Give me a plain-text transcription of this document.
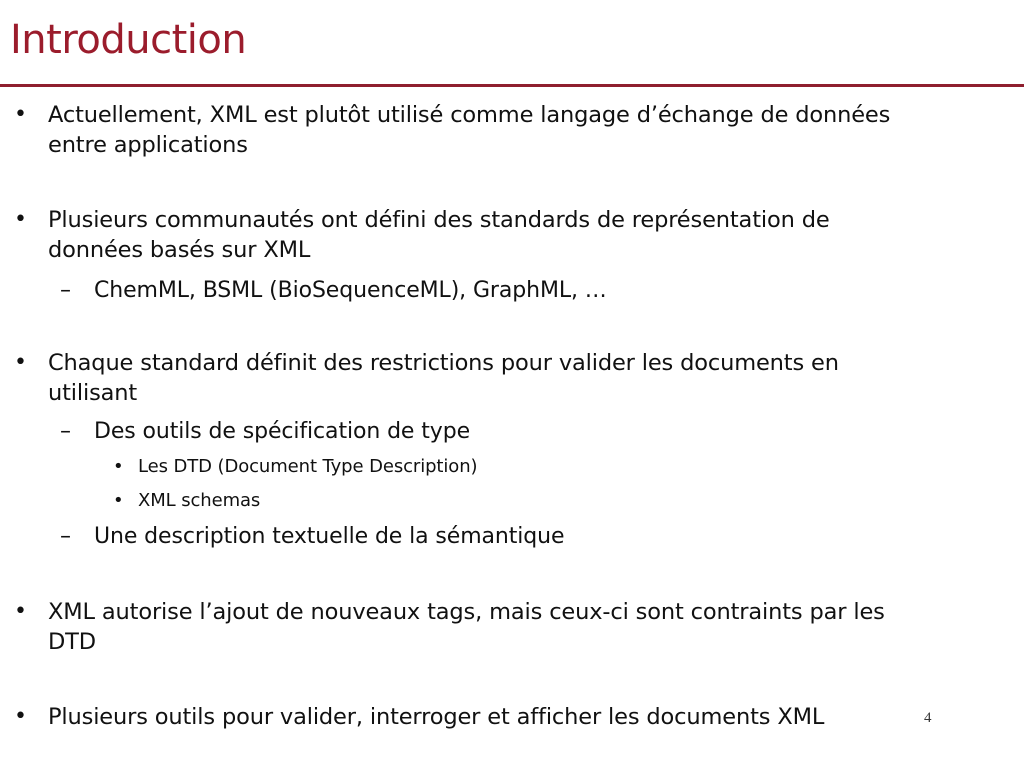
Introduction
• Actuellement, XML est plutôt utilisé comme langage d’échange de données
entre applications
• Plusieurs communautés ont défini des standards de représentation de
données basés sur XML
– ChemML, BSML (BioSequenceML), GraphML, …
• Chaque standard définit des restrictions pour valider les documents en
utilisant
– Des outils de spécification de type
• Les DTD (Document Type Description)
• XML schemas
– Une description textuelle de la sémantique
• XML autorise l’ajout de nouveaux tags, mais ceux-ci sont contraints par les
DTD
• Plusieurs outils pour valider, interroger et afficher les documents XML	4
